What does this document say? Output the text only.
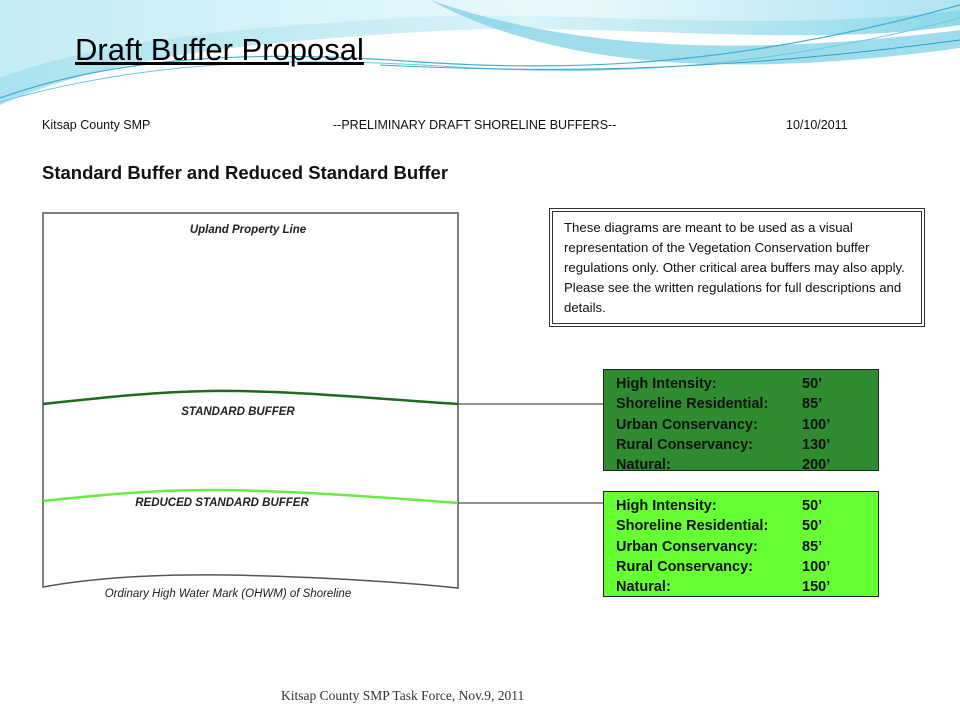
Draft Buffer Proposal
Kitsap County SMP	--PRELIMINARY DRAFT SHORELINE BUFFERS--	10/10/2011
Standard Buffer and Reduced Standard Buffer
Upland Property Line
STANDARD BUFFER
REDUCED STANDARD BUFFER
Ordinary High Water Mark (OHWM) of Shoreline
These diagrams are meant to be used as a visual representation of the Vegetation Conservation buffer regulations only. Other critical area buffers may also apply. Please see the written regulations for full descriptions and details.
High Intensity:	50’
Shoreline Residential:	85’
Urban Conservancy:	100’
Rural Conservancy:	130’
Natural:	200’
High Intensity:	50’
Shoreline Residential:	50’
Urban Conservancy:	85’
Rural Conservancy:	100’
Natural:	150’
Kitsap County SMP Task Force, Nov.9, 2011
